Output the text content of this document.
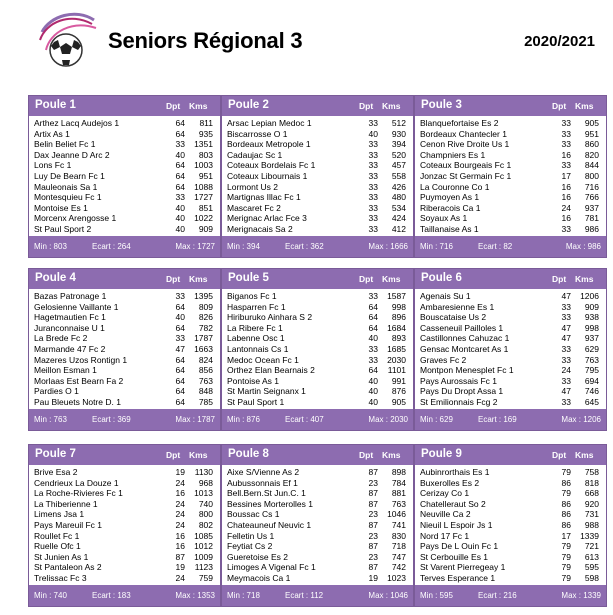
Seniors Régional 3	2020/2021
Poule 1	Dpt Kms
Arthez Lacq Audejos 1	64	811
Artix As 1	64	935
Belin Beliet Fc 1	33	1351
Dax Jeanne D Arc 2	40	803
Lons Fc 1	64	1003
Luy De Bearn Fc 1	64	951
Mauleonais Sa 1	64	1088
Montesquieu Fc 1	33	1727
Montoise Es 1	40	851
Morcenx Arengosse 1	40	1022
St Paul Sport 2	40	909
Min : 803	Ecart : 264	Max : 1727
Poule 2	Dpt Kms
Arsac Lepian Medoc 1	33	512
Biscarrosse O 1	40	930
Bordeaux Metropole 1	33	394
Cadaujac Sc 1	33	520
Coteaux Bordelais Fc 1	33	457
Coteaux Libournais 1	33	558
Lormont Us 2	33	426
Martignas Illac Fc 1	33	480
Mascaret Fc 2	33	534
Merignac Arlac Fce 3	33	424
Merignacais Sa 2	33	412
Min : 394	Ecart : 362	Max : 1666
Poule 3	Dpt Kms
Blanquefortaise Es 2	33	905
Bordeaux Chantecler 1	33	951
Cenon Rive Droite Us 1	33	860
Champniers Es 1	16	820
Coteaux Bourgeais Fc 1	33	844
Jonzac St Germain Fc 1	17	800
La Couronne Co 1	16	716
Puymoyen As 1	16	766
Riberacois Ca 1	24	937
Soyaux As 1	16	781
Taillanaise As 1	33	986
Min : 716	Ecart : 82	Max : 986
Poule 4	Dpt Kms
Bazas Patronage 1	33	1395
Gelosienne Vaillante 1	64	809
Hagetmautien Fc 1	40	826
Juranconnaise U 1	64	782
La Brede Fc 2	33	1787
Marmande 47 Fc 2	47	1663
Mazeres Uzos Rontign 1	64	824
Meillon Esman 1	64	856
Morlaas Est Bearn Fa 2	64	763
Pardies O 1	64	848
Pau Bleuets Notre D. 1	64	785
Min : 763	Ecart : 369	Max : 1787
Poule 5	Dpt Kms
Biganos Fc 1	33	1587
Hasparren Fc 1	64	998
Hiriburuko Ainhara S 2	64	896
La Ribere Fc 1	64	1684
Labenne Osc 1	40	893
Lantonnais Cs 1	33	1685
Medoc Ocean Fc 1	33	2030
Orthez Elan Bearnais 2	64	1101
Pontoise As 1	40	991
St Martin Seignanx 1	40	876
St Paul Sport 1	40	905
Min : 876	Ecart : 407	Max : 2030
Poule 6	Dpt Kms
Agenais Su 1	47	1206
Ambaresienne Es 1	33	909
Bouscataise Us 2	33	938
Casseneuil Pailloles 1	47	998
Castillonnes Cahuzac 1	47	937
Gensac Montcaret As 1	33	629
Graves Fc 2	33	763
Montpon Menesplet Fc 1	24	795
Pays Aurossais Fc 1	33	694
Pays Du Dropt Assa 1	47	746
St Emilionnais Fcg 2	33	645
Min : 629	Ecart : 169	Max : 1206
Poule 7	Dpt Kms
Brive Esa 2	19	1130
Cendrieux La Douze 1	24	968
La Roche-Rivieres Fc 1	16	1013
La Thiberienne 1	24	740
Limens Jsa 1	24	800
Pays Mareuil Fc 1	24	802
Roullet Fc 1	16	1085
Ruelle Ofc 1	16	1012
St Junien As 1	87	1009
St Pantaleon As 2	19	1123
Trelissac Fc 3	24	759
Min : 740	Ecart : 183	Max : 1353
Poule 8	Dpt Kms
Aixe S/Vienne As 2	87	898
Aubussonnais Ef 1	23	784
Bell.Bern.St Jun.C. 1	87	881
Bessines Morterolles 1	87	763
Boussac Cs 1	23	1046
Chateauneuf Neuvic 1	87	741
Felletin Us 1	23	830
Feytiat Cs 2	87	718
Gueretoise Es 2	23	747
Limoges A Vigenal Fc 1	87	742
Meymacois Ca 1	19	1023
Min : 718	Ecart : 112	Max : 1046
Poule 9	Dpt Kms
Aubinrorthais Es 1	79	758
Buxerolles Es 2	86	818
Cerizay Co 1	79	668
Chatelleraut So 2	86	920
Neuville Ca 2	86	731
Nieuil L Espoir Js 1	86	988
Nord 17 Fc 1	17	1339
Pays De L Ouin Fc 1	79	721
St Cerbouille Es 1	79	613
St Varent Pierregeay 1	79	595
Terves Esperance 1	79	598
Min : 595	Ecart : 216	Max : 1339
